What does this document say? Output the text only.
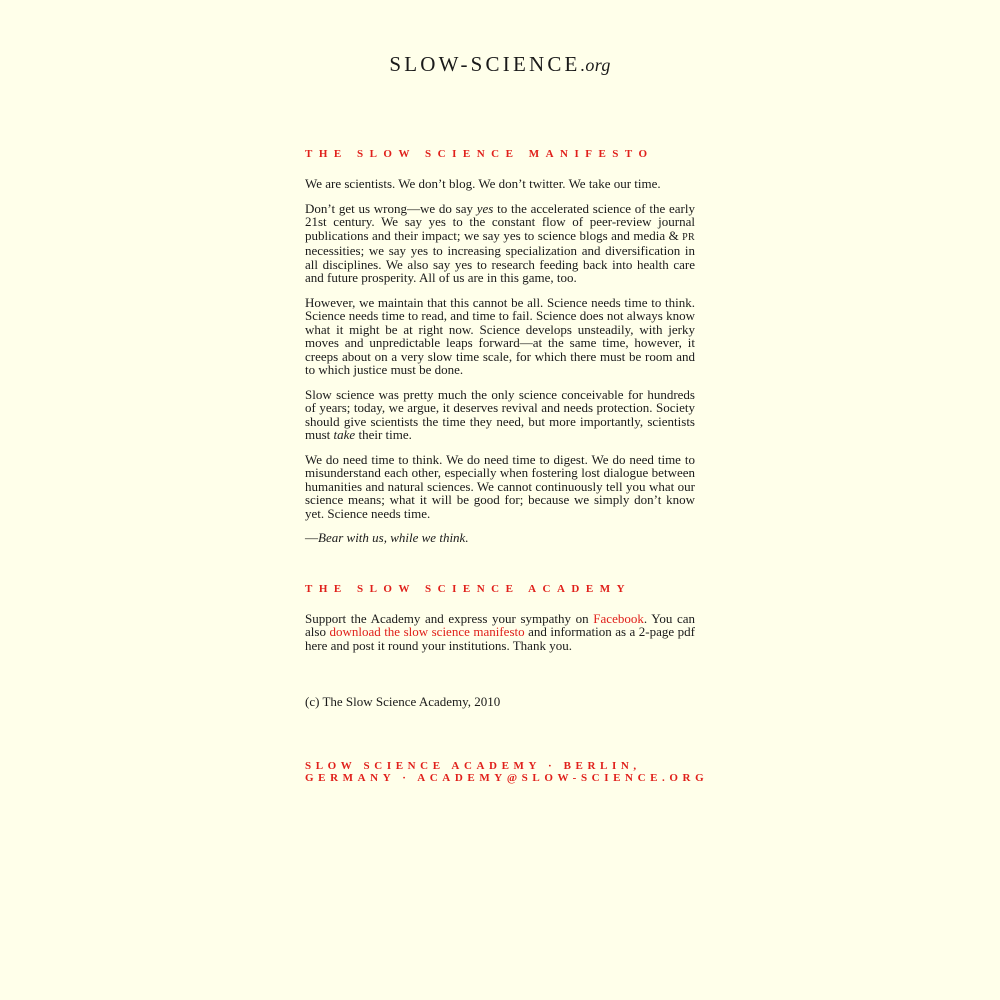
SLOW-SCIENCE.org
THE SLOW SCIENCE MANIFESTO

We are scientists. We don’t blog. We don’t twitter. We take our time.

Don’t get us wrong—we do say yes to the accelerated science of the early 21st century. We say yes to the constant flow of peer-review journal publications and their impact; we say yes to science blogs and media & PR necessities; we say yes to increasing specialization and diversification in all disciplines. We also say yes to research feeding back into health care and future prosperity. All of us are in this game, too.

However, we maintain that this cannot be all. Science needs time to think. Science needs time to read, and time to fail. Science does not always know what it might be at right now. Science develops unsteadily, with jerky moves and unpredictable leaps forward—at the same time, however, it creeps about on a very slow time scale, for which there must be room and to which justice must be done.

Slow science was pretty much the only science conceivable for hundreds of years; today, we argue, it deserves revival and needs protection. Society should give scientists the time they need, but more importantly, scientists must take their time.

We do need time to think. We do need time to digest. We do need time to misunderstand each other, especially when fostering lost dialogue between humanities and natural sciences. We cannot continuously tell you what our science means; what it will be good for; because we simply don’t know yet. Science needs time.

—Bear with us, while we think.

THE SLOW SCIENCE ACADEMY

Support the Academy and express your sympathy on Facebook. You can also download the slow science manifesto and information as a 2-page pdf here and post it round your institutions. Thank you.

(c) The Slow Science Academy, 2010

SLOW SCIENCE ACADEMY · BERLIN,

GERMANY · ACADEMY@SLOW-SCIENCE.ORG
